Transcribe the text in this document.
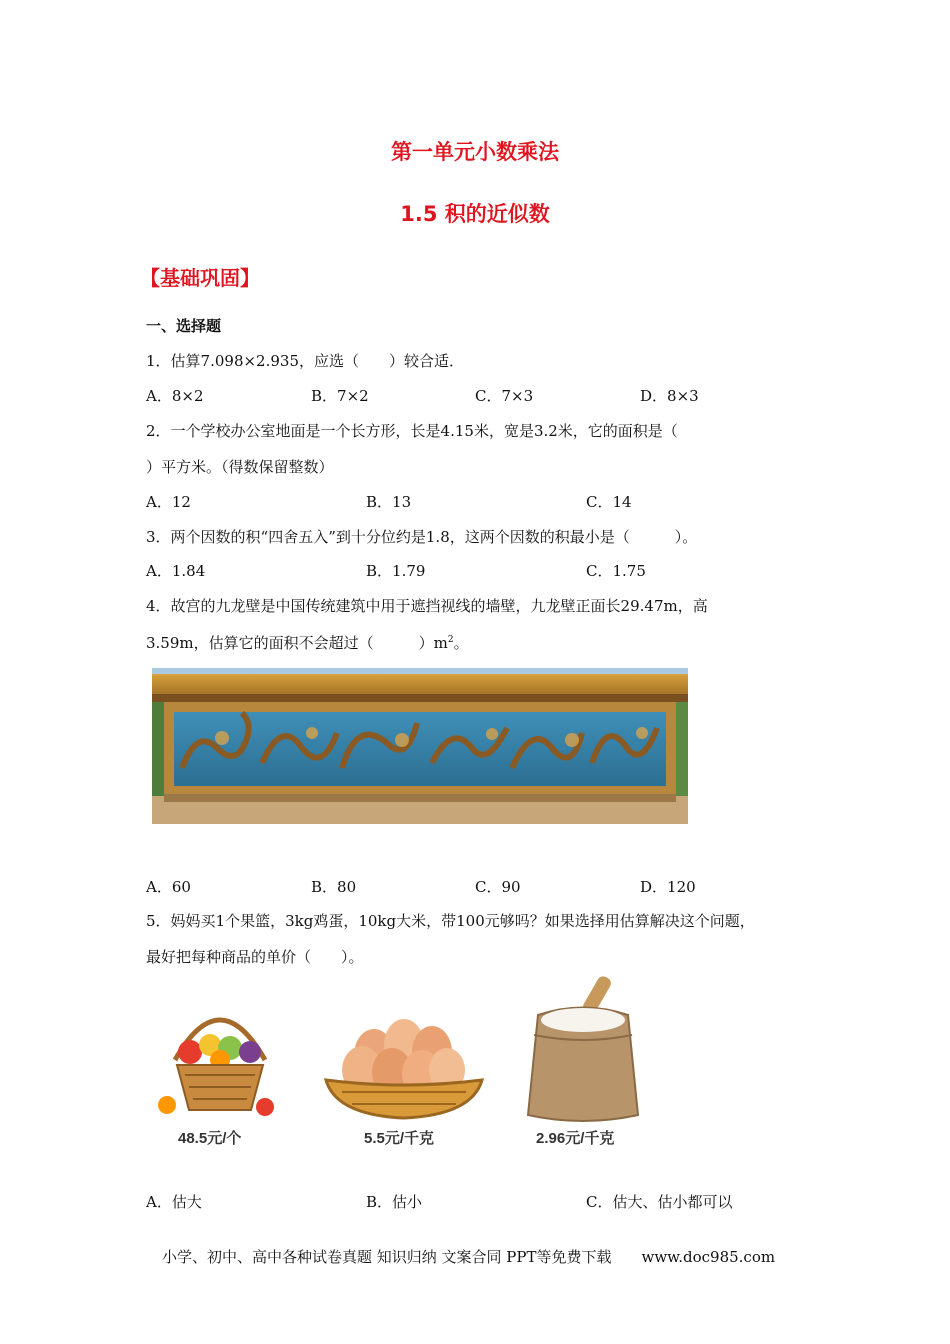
第一单元小数乘法
1.5 积的近似数
【基础巩固】
一、选择题
1．估算7.098×2.935，应选（　　）较合适．
A．8×2	B．7×2	C．7×3	D．8×3
2．一个学校办公室地面是一个长方形，长是4.15米，宽是3.2米，它的面积是（
）平方米。（得数保留整数）
A．12	B．13	C．14
3．两个因数的积“四舍五入”到十分位约是1.8，这两个因数的积最小是（　　　）。
A．1.84	B．1.79	C．1.75
4．故宫的九龙壁是中国传统建筑中用于遮挡视线的墙壁，九龙壁正面长29.47m，高
3.59m，估算它的面积不会超过（　　　）$m^2$。
A．60	B．80	C．90	D．120
5．妈妈买1个果篮，3kg鸡蛋，10kg大米，带100元够吗？如果选择用估算解决这个问题，
最好把每种商品的单价（　　）。
48.5元/个	5.5元/千克	2.96元/千克
A．估大	B．估小	C．估大、估小都可以
小学、初中、高中各种试卷真题 知识归纳 文案合同 PPT等免费下载　　www.doc985.com
